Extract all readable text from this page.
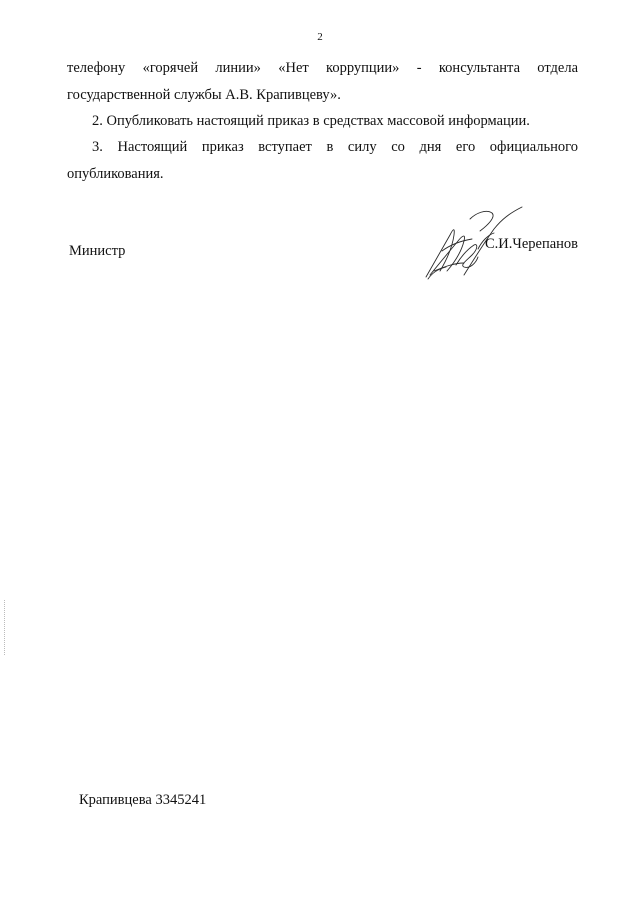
2
телефону «горячей линии» «Нет коррупции» - консультанта отдела
государственной службы А.В. Крапивцеву».
2. Опубликовать настоящий приказ в средствах массовой информации.
3. Настоящий приказ вступает в силу со дня его официального
опубликования.
Министр	С.И.Черепанов
Крапивцева 3345241
